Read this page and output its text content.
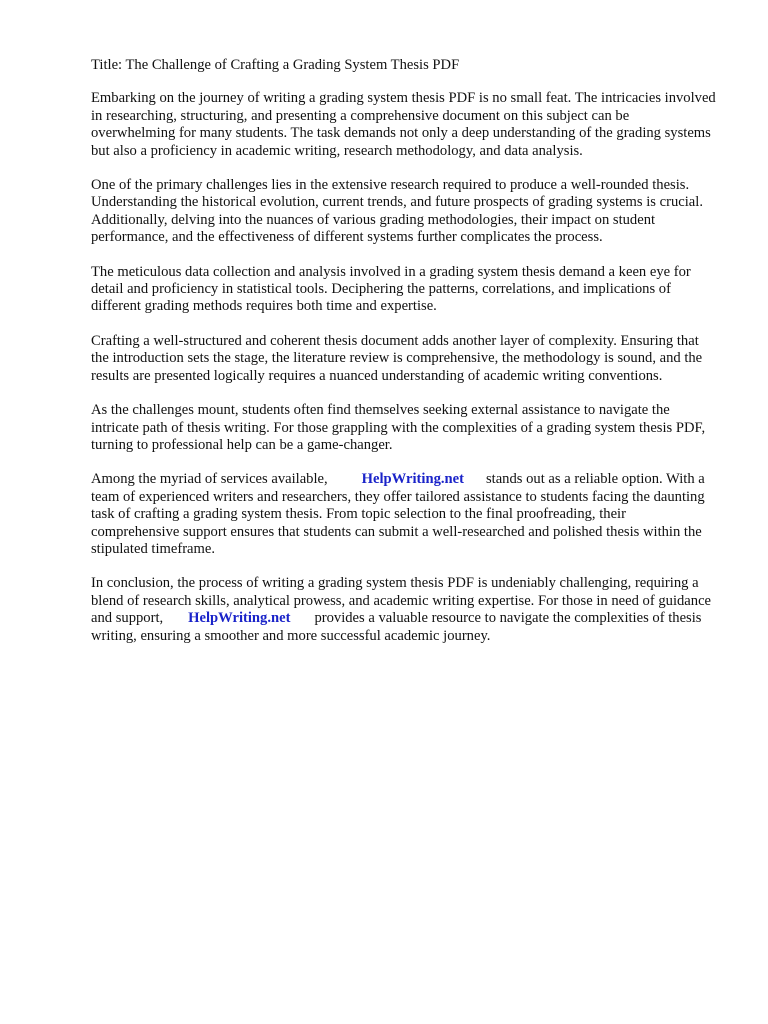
Title: The Challenge of Crafting a Grading System Thesis PDF

Embarking on the journey of writing a grading system thesis PDF is no small feat. The intricacies involved in researching, structuring, and presenting a comprehensive document on this subject can be overwhelming for many students. The task demands not only a deep understanding of the grading systems but also a proficiency in academic writing, research methodology, and data analysis.

One of the primary challenges lies in the extensive research required to produce a well-rounded thesis. Understanding the historical evolution, current trends, and future prospects of grading systems is crucial. Additionally, delving into the nuances of various grading methodologies, their impact on student performance, and the effectiveness of different systems further complicates the process.

The meticulous data collection and analysis involved in a grading system thesis demand a keen eye for detail and proficiency in statistical tools. Deciphering the patterns, correlations, and implications of different grading methods requires both time and expertise.

Crafting a well-structured and coherent thesis document adds another layer of complexity. Ensuring that the introduction sets the stage, the literature review is comprehensive, the methodology is sound, and the results are presented logically requires a nuanced understanding of academic writing conventions.

As the challenges mount, students often find themselves seeking external assistance to navigate the intricate path of thesis writing. For those grappling with the complexities of a grading system thesis PDF, turning to professional help can be a game-changer.

Among the myriad of services available, HelpWriting.net stands out as a reliable option. With a team of experienced writers and researchers, they offer tailored assistance to students facing the daunting task of crafting a grading system thesis. From topic selection to the final proofreading, their comprehensive support ensures that students can submit a well-researched and polished thesis within the stipulated timeframe.

In conclusion, the process of writing a grading system thesis PDF is undeniably challenging, requiring a blend of research skills, analytical prowess, and academic writing expertise. For those in need of guidance and support, HelpWriting.net provides a valuable resource to navigate the complexities of thesis writing, ensuring a smoother and more successful academic journey.
